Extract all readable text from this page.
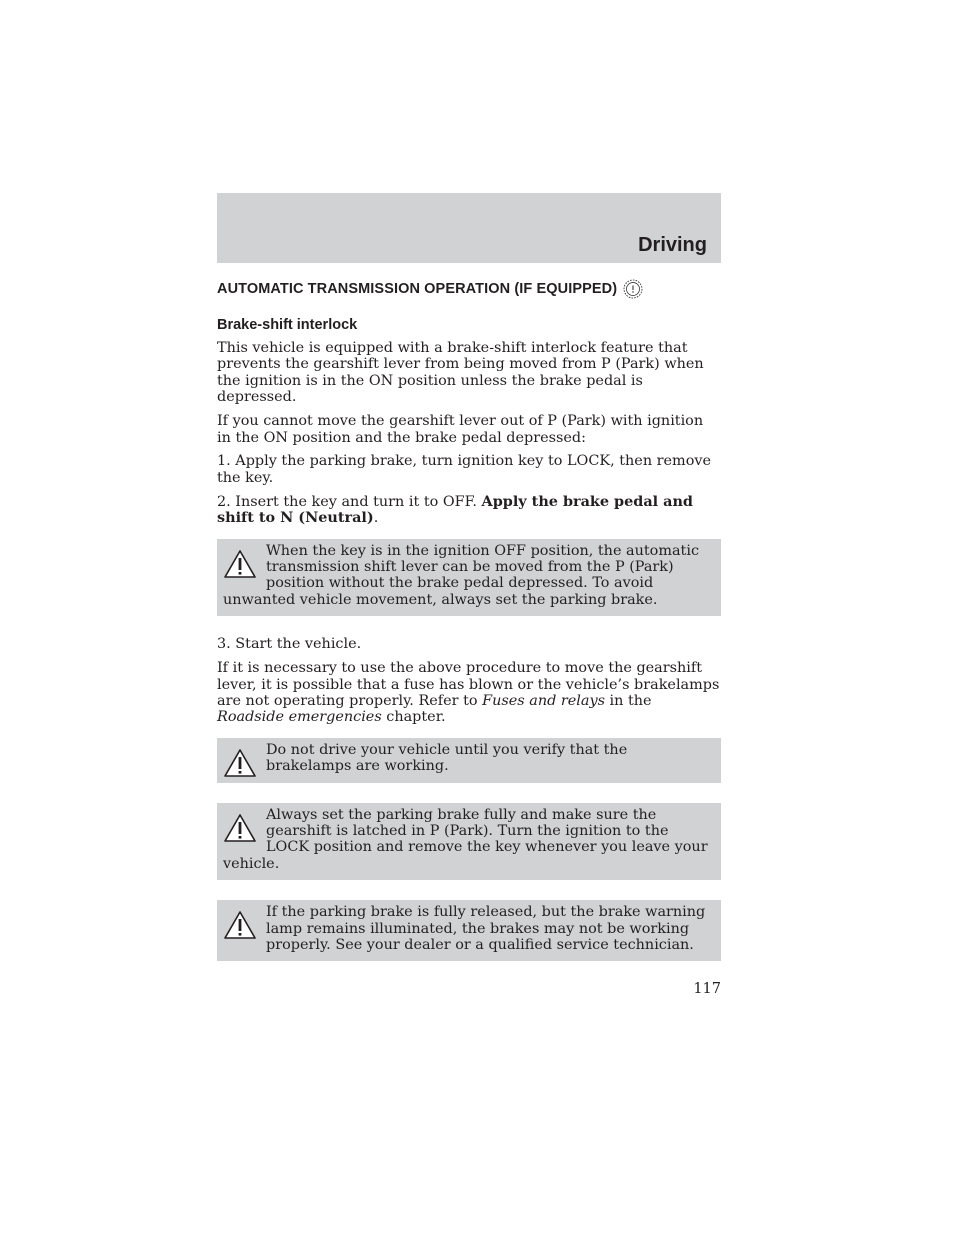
Driving
AUTOMATIC TRANSMISSION OPERATION (IF EQUIPPED)
Brake-shift interlock

This vehicle is equipped with a brake-shift interlock feature that prevents the gearshift lever from being moved from P (Park) when the ignition is in the ON position unless the brake pedal is depressed.

If you cannot move the gearshift lever out of P (Park) with ignition in the ON position and the brake pedal depressed:

1. Apply the parking brake, turn ignition key to LOCK, then remove the key.

2. Insert the key and turn it to OFF. Apply the brake pedal and shift to N (Neutral).

When the key is in the ignition OFF position, the automatic transmission shift lever can be moved from the P (Park) position without the brake pedal depressed. To avoid unwanted vehicle movement, always set the parking brake.

3. Start the vehicle.

If it is necessary to use the above procedure to move the gearshift lever, it is possible that a fuse has blown or the vehicle’s brakelamps are not operating properly. Refer to Fuses and relays in the Roadside emergencies chapter.

Do not drive your vehicle until you verify that the brakelamps are working.
Always set the parking brake fully and make sure the gearshift is latched in P (Park). Turn the ignition to the LOCK position and remove the key whenever you leave your vehicle.
If the parking brake is fully released, but the brake warning lamp remains illuminated, the brakes may not be working properly. See your dealer or a qualified service technician.
117
